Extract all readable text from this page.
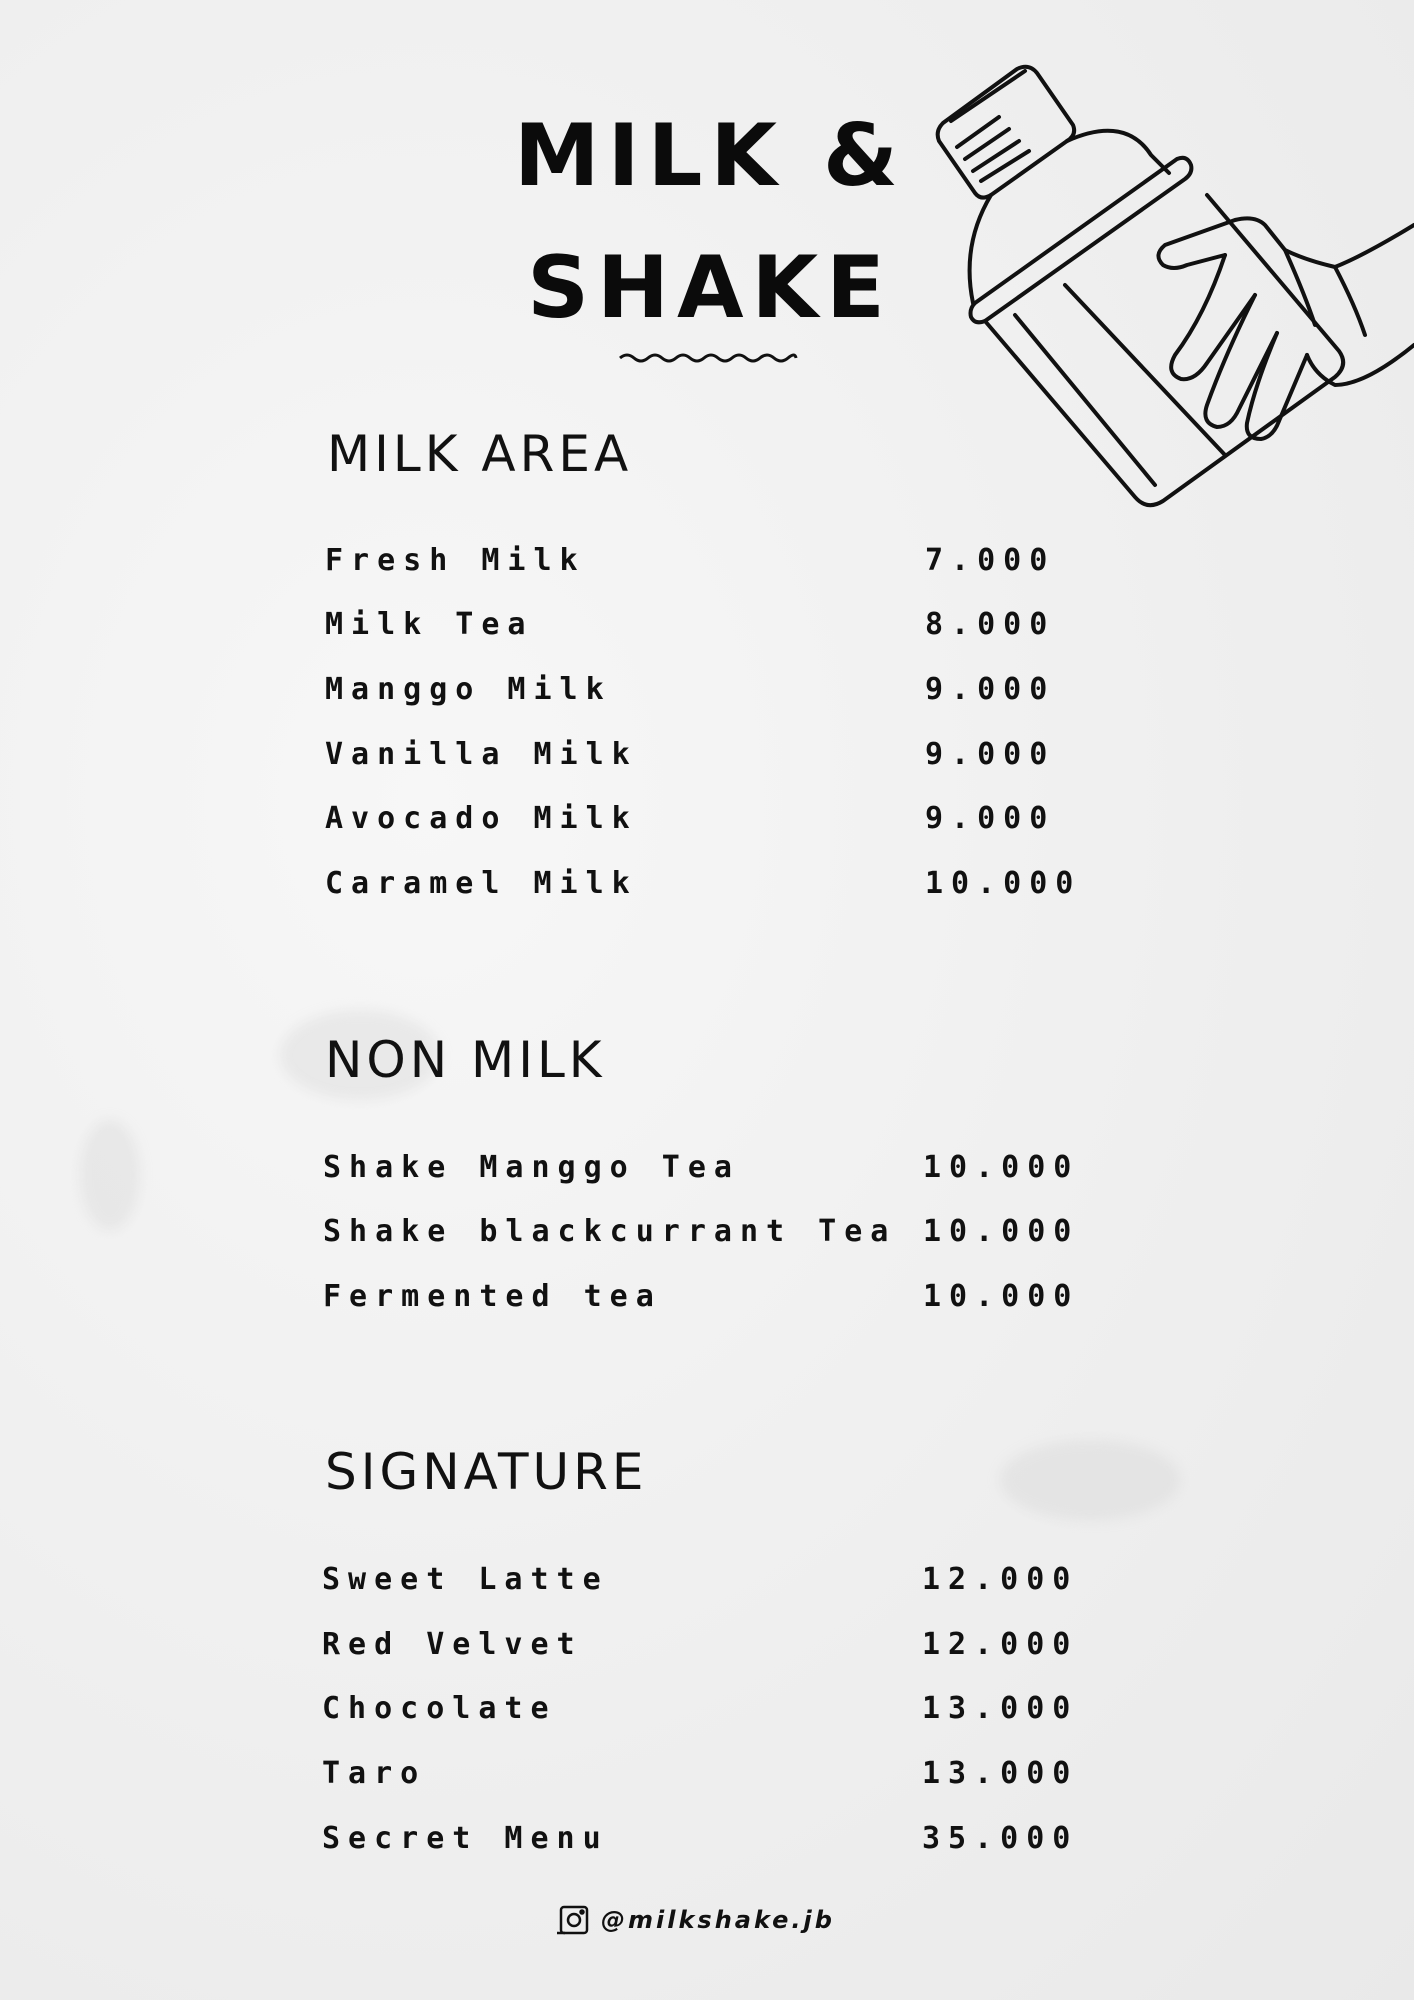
MILK &
SHAKE
MILK AREA
Fresh Milk	7.000
Milk Tea	8.000
Manggo Milk	9.000
Vanilla Milk	9.000
Avocado Milk	9.000
Caramel Milk	10.000
NON MILK
Shake Manggo Tea	10.000
Shake blackcurrant Tea 10.000
Fermented tea	10.000
SIGNATURE
Sweet Latte	12.000
Red Velvet	12.000
Chocolate	13.000
Taro	13.000
Secret Menu	35.000
@milkshake.jb
